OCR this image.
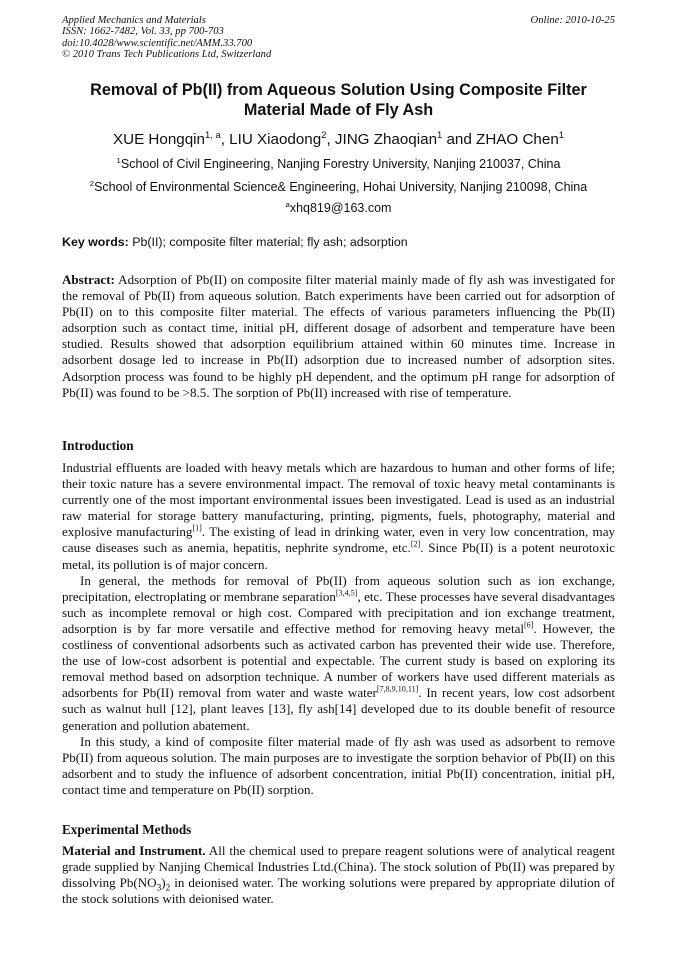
Applied Mechanics and Materials
ISSN: 1662-7482, Vol. 33, pp 700-703
doi:10.4028/www.scientific.net/AMM.33.700
© 2010 Trans Tech Publications Ltd, Switzerland
Online: 2010-10-25
Removal of Pb(II) from Aqueous Solution Using Composite Filter
Material Made of Fly Ash
XUE Hongqin$^{1, a}$, LIU Xiaodong$^2$, JING Zhaoqian$^1$ and ZHAO Chen$^1$
$^1$School of Civil Engineering, Nanjing Forestry University, Nanjing 210037, China
$^2$School of Environmental Science& Engineering, Hohai University, Nanjing 210098, China
$^a$xhq819@163.com
Key words: Pb(II); composite filter material; fly ash; adsorption

Abstract: Adsorption of Pb(II) on composite filter material mainly made of fly ash was investigated for the removal of Pb(II) from aqueous solution. Batch experiments have been carried out for adsorption of Pb(II) on to this composite filter material. The effects of various parameters influencing the Pb(II) adsorption such as contact time, initial pH, different dosage of adsorbent and temperature have been studied. Results showed that adsorption equilibrium attained within 60 minutes time. Increase in adsorbent dosage led to increase in Pb(II) adsorption due to increased number of adsorption sites. Adsorption process was found to be highly pH dependent, and the optimum pH range for adsorption of Pb(II) was found to be >8.5. The sorption of Pb(II) increased with rise of temperature.

Introduction

Industrial effluents are loaded with heavy metals which are hazardous to human and other forms of life; their toxic nature has a severe environmental impact. The removal of toxic heavy metal contaminants is currently one of the most important environmental issues been investigated. Lead is used as an industrial raw material for storage battery manufacturing, printing, pigments, fuels, photography, material and explosive manufacturing[1]. The existing of lead in drinking water, even in very low concentration, may cause diseases such as anemia, hepatitis, nephrite syndrome, etc.[2]. Since Pb(II) is a potent neurotoxic metal, its pollution is of major concern.

In general, the methods for removal of Pb(II) from aqueous solution such as ion exchange, precipitation, electroplating or membrane separation[3,4,5], etc. These processes have several disadvantages such as incomplete removal or high cost. Compared with precipitation and ion exchange treatment, adsorption is by far more versatile and effective method for removing heavy metal[6]. However, the costliness of conventional adsorbents such as activated carbon has prevented their wide use. Therefore, the use of low-cost adsorbent is potential and expectable. The current study is based on exploring its removal method based on adsorption technique. A number of workers have used different materials as adsorbents for Pb(II) removal from water and waste water[7,8,9,10,11]. In recent years, low cost adsorbent such as walnut hull [12], plant leaves [13], fly ash[14] developed due to its double benefit of resource generation and pollution abatement.

In this study, a kind of composite filter material made of fly ash was used as adsorbent to remove Pb(II) from aqueous solution. The main purposes are to investigate the sorption behavior of Pb(II) on this adsorbent and to study the influence of adsorbent concentration, initial Pb(II) concentration, initial pH, contact time and temperature on Pb(II) sorption.

Experimental Methods

Material and Instrument. All the chemical used to prepare reagent solutions were of analytical reagent grade supplied by Nanjing Chemical Industries Ltd.(China). The stock solution of Pb(II) was prepared by dissolving $Pb(NO_3)_2$ in deionised water. The working solutions were prepared by appropriate dilution of the stock solutions with deionised water.
